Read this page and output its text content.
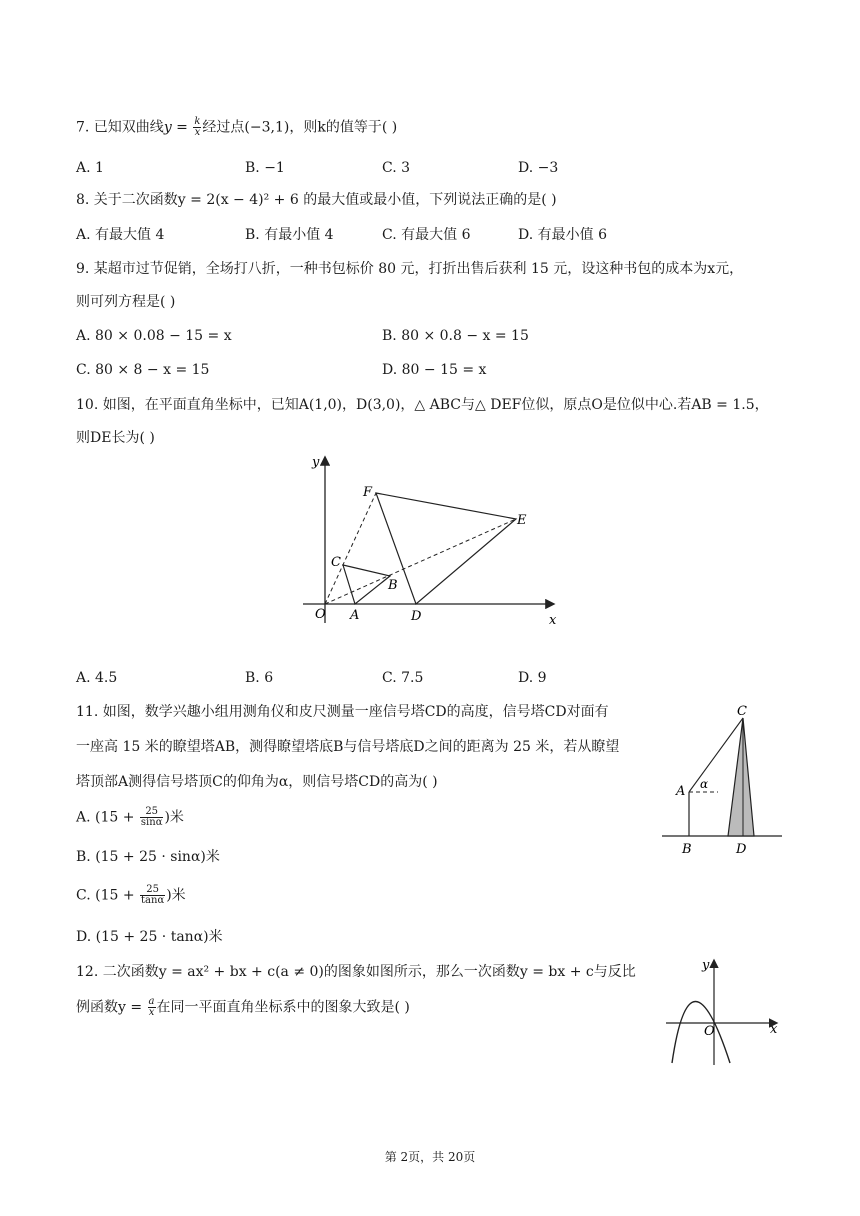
7. 已知双曲线$y = \frac{k}{x}$ 经过点(−3,1)，则k的值等于( )
A. 1	B. −1	C. 3	D. −3
8. 关于二次函数y = 2(x − 4)² + 6 的最大值或最小值，下列说法正确的是( )
A. 有最大值 4	B. 有最小值 4	C. 有最大值 6	D. 有最小值 6
9. 某超市过节促销，全场打八折，一种书包标价 80 元，打折出售后获利 15 元，设这种书包的成本为x元，
则可列方程是( )
A. 80 × 0.08 − 15 = x	B. 80 × 0.8 − x = 15
C. 80 × 8 − x = 15	D. 80 − 15 = x
10. 如图，在平面直角坐标中，已知A(1,0)，D(3,0)，△ ABC与△ DEF位似，原点O是位似中心.若AB = 1.5，
则DE长为( )
y
x
O A
B
C
D
E
F
A. 4.5	B. 6	C. 7.5	D. 9
11. 如图，数学兴趣小组用测角仪和皮尺测量一座信号塔CD的高度，信号塔CD对面有
一座高 15 米的瞭望塔AB，测得瞭望塔底B与信号塔底D之间的距离为 25 米，若从瞭望
塔顶部A测得信号塔顶C的仰角为α，则信号塔CD的高为( )
A. ($15 + \frac{25}{\sin\alpha}$ )米
B. (15 + 25 · sinα)米
C. ($15 + \frac{25}{\tan\alpha}$ )米
D. (15 + 25 · tanα)米
C
A α
B	D
12. 二次函数y = ax² + bx + c(a ≠ 0)的图象如图所示，那么一次函数y = bx + c与反比
例函数$y = \frac{a}{x}$ 在同一平面直角坐标系中的图象大致是( )
y
x
O
第 2页，共 20页
